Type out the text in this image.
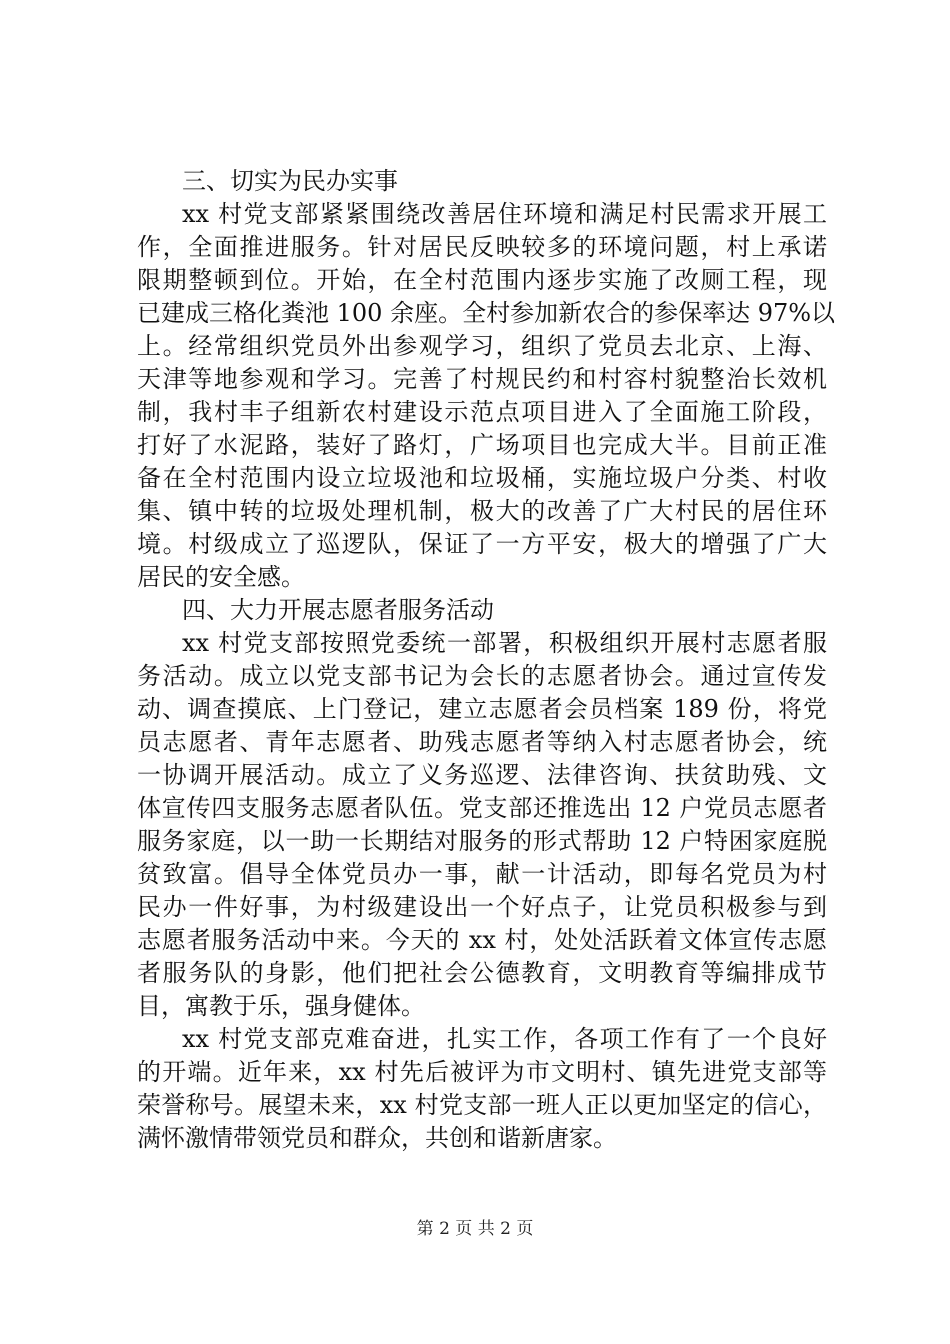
三、切实为民办实事
xx 村党支部紧紧围绕改善居住环境和满足村民需求开展工
作，全面推进服务。针对居民反映较多的环境问题，村上承诺
限期整顿到位。开始，在全村范围内逐步实施了改厕工程，现
已建成三格化粪池 100 余座。全村参加新农合的参保率达 97%以
上。经常组织党员外出参观学习，组织了党员去北京、上海、
天津等地参观和学习。完善了村规民约和村容村貌整治长效机
制，我村丰子组新农村建设示范点项目进入了全面施工阶段，
打好了水泥路，装好了路灯，广场项目也完成大半。目前正准
备在全村范围内设立垃圾池和垃圾桶，实施垃圾户分类、村收
集、镇中转的垃圾处理机制，极大的改善了广大村民的居住环
境。村级成立了巡逻队，保证了一方平安，极大的增强了广大
居民的安全感。
四、大力开展志愿者服务活动
xx 村党支部按照党委统一部署，积极组织开展村志愿者服
务活动。成立以党支部书记为会长的志愿者协会。通过宣传发
动、调查摸底、上门登记，建立志愿者会员档案 189 份，将党
员志愿者、青年志愿者、助残志愿者等纳入村志愿者协会，统
一协调开展活动。成立了义务巡逻、法律咨询、扶贫助残、文
体宣传四支服务志愿者队伍。党支部还推选出 12 户党员志愿者
服务家庭，以一助一长期结对服务的形式帮助 12 户特困家庭脱
贫致富。倡导全体党员办一事，献一计活动，即每名党员为村
民办一件好事，为村级建设出一个好点子，让党员积极参与到
志愿者服务活动中来。今天的 xx 村，处处活跃着文体宣传志愿
者服务队的身影，他们把社会公德教育，文明教育等编排成节
目，寓教于乐，强身健体。
xx 村党支部克难奋进，扎实工作，各项工作有了一个良好
的开端。近年来，xx 村先后被评为市文明村、镇先进党支部等
荣誉称号。展望未来，xx 村党支部一班人正以更加坚定的信心，
满怀激情带领党员和群众，共创和谐新唐家。
第 2 页 共 2 页
